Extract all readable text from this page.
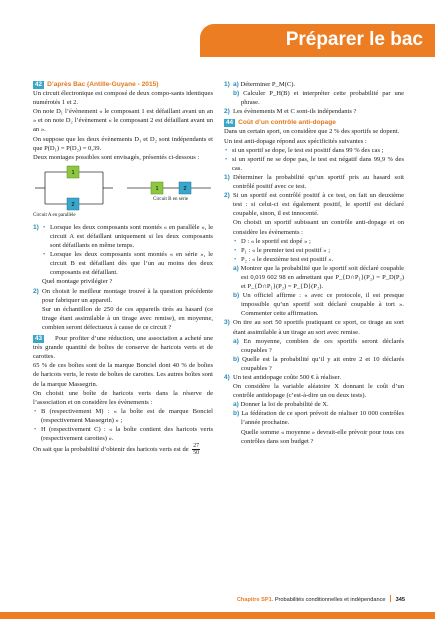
Préparer le bac
42 D’après Bac (Antille-Guyane - 2015)

Un circuit électronique est composé de deux compo-sants identiques numérotés 1 et 2.

On note D₁ l’évènement « le composant 1 est défaillant avant un an » et on note D₂ l’évènement « le composant 2 est défaillant avant un an ».

On suppose que les deux évènements D₁ et D₂ sont indépendants et que P(D₁) = P(D₂) = 0,39.

Deux montages possibles sont envisagés, présentés ci-dessous :

1
2
1	2
Circuit A en parallèle
Circuit B en série
1)

•	Lorsque les deux composants sont montés « en parallèle », le circuit A est défaillant uniquement si les deux composants sont défaillants en même temps.

• Lorsque les deux composants sont montés « en série », le circuit B est défaillant dès que l’un au moins des deux composants est défaillant.

Quel montage privilégier ?

2) On choisit le meilleur montage trouvé à la question précédente pour fabriquer un appareil.

Sur un échantillon de 250 de ces appareils tirés au hasard (ce tirage étant assimilable à un tirage avec remise), en moyenne, combien seront défectueux à cause de ce circuit ?

43	Pour profiter d’une réduction, une association a acheté une très grande quantité de boîtes de conserve de haricots verts et de carottes.

65 % de ces boîtes sont de la marque Bonciel dont 40 % de boîtes de haricots verts, le reste de boîtes de carottes. Les autres boîtes sont de la marque Massegrin.

On choisit une boîte de haricots verts dans la réserve de l’association et on considère les évènements :

• B (respectivement M) : « la boîte est de marque Bonciel (respectivement Massegrin) » ;

• H (respectivement C) : « la boîte contient des haricots verts (respectivement carottes) ».

On sait que la probabilité d’obtenir des haricots verts est de $\frac{27}{50}$

1) a) Déterminer P_M(C).

b) Calculer P_H(B) et interpréter cette probabilité par une phrase.

2) Les évènements M et C sont-ils indépendants ?

44 Coût d’un contrôle anti-dopage

Dans un certain sport, on considère que 2 % des sportifs se dopent.

Un test anti-dopage répond aux spécificités suivantes :

• si un sportif se dope, le test est positif dans 99 % des cas ;

• si un sportif ne se dope pas, le test est négatif dans 99,9 % des cas.

1) Déterminer la probabilité qu’un sportif pris au hasard soit contrôlé positif avec ce test.

2) Si un sportif est contrôlé positif à ce test, on fait un deuxième test : si celui-ci est également positif, le sportif est déclaré coupable, sinon, il est innocenté.

On choisit un sportif subissant un contrôle anti-dopage et on considère les évènements :

• D : « le sportif est dopé » ;

• P₁ : « le premier test est positif » ;

• P₂ : « le deuxième test est positif ».

a) Montrer que la probabilité que le sportif soit déclaré coupable est 0,019 602 98 en admettant que P_{D∩P₁}(P₂) = P_D(P₂) et P_{D̄∩P₁}(P₂) = P_{D̄}(P₂).

b) Un officiel affirme : « avec ce protocole, il est presque impossible qu’un sportif soit déclaré coupable à tort ». Commenter cette affirmation.

3) On tire au sort 50 sportifs pratiquant ce sport, ce tirage au sort étant assimilable à un tirage au sort avec remise.

a) En moyenne, combien de ces sportifs seront déclarés coupables ?

b) Quelle est la probabilité qu’il y ait entre 2 et 10 déclarés coupables ?

4) Un test antidopage coûte 500 € à réaliser.

On considère la variable aléatoire X donnant le coût d’un contrôle antidopage (c’est-à-dire un ou deux tests).

a) Donner la loi de probabilité de X.

b) La fédération de ce sport prévoit de réaliser 10 000 contrôles l’année prochaine.

Quelle somme « moyenne » devrait-elle prévoir pour tous ces contrôles dans son budget ?

Chapitre SP1. Probabilités conditionnelles et indépendance 345
